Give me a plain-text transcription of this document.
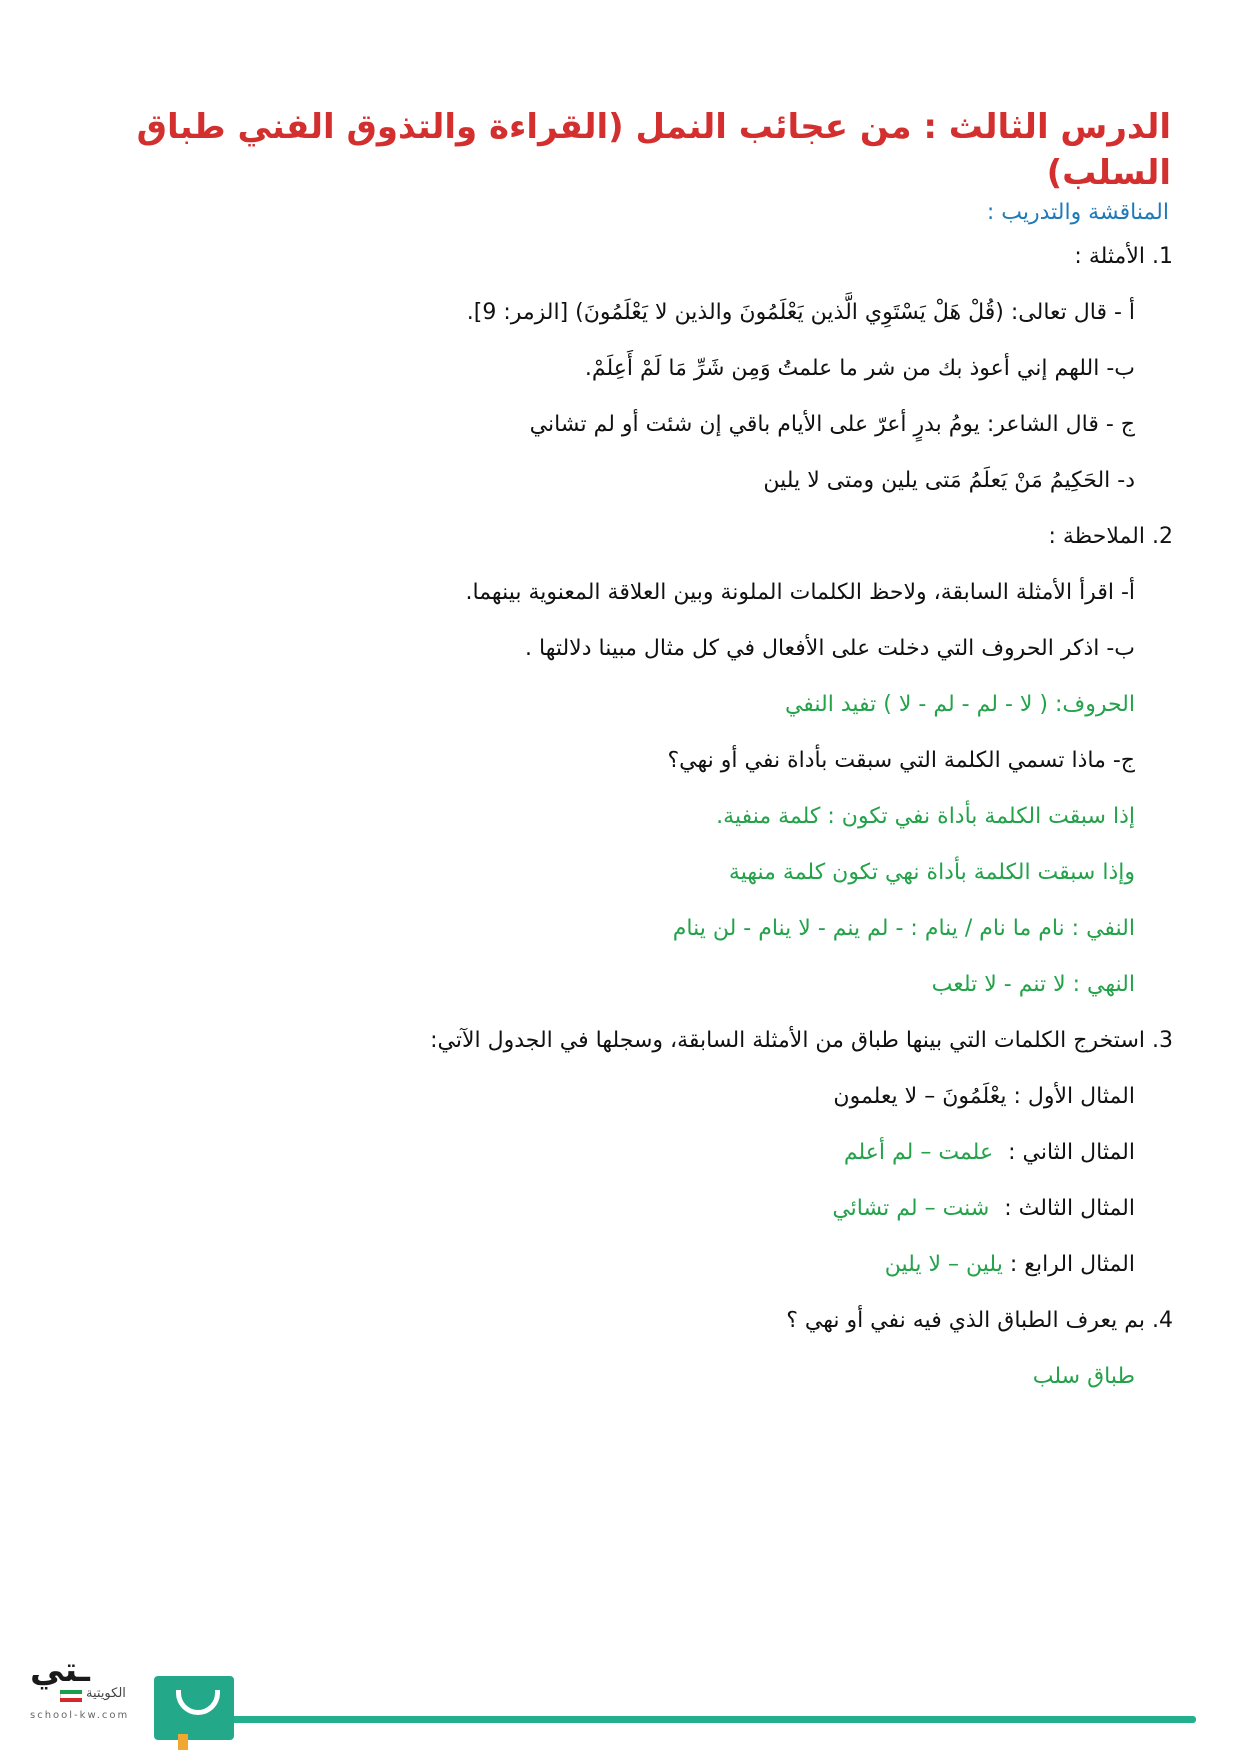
الدرس الثالث : من عجائب النمل (القراءة والتذوق الفني طباق السلب)
المناقشة والتدريب :
1. الأمثلة :
أ - قال تعالى: (قُلْ هَلْ يَسْتَوِي الَّذين يَعْلَمُونَ والذين لا يَعْلَمُونَ) [الزمر: 9].
ب- اللهم إني أعوذ بك من شر ما علمتُ وَمِن شَرِّ مَا لَمْ أَعِلَمْ.
ج - قال الشاعر: يومُ بدرٍ أعرّ على الأيام باقي إن شئت أو لم تشاني
د- الحَكِيمُ مَنْ يَعلَمُ مَتى يلين ومتى لا يلين
2. الملاحظة :
أ- اقرأ الأمثلة السابقة، ولاحظ الكلمات الملونة وبين العلاقة المعنوية بينهما.
ب- اذكر الحروف التي دخلت على الأفعال في كل مثال مبينا دلالتها .
الحروف: ( لا - لم - لم - لا ) تفيد النفي
ج- ماذا تسمي الكلمة التي سبقت بأداة نفي أو نهي؟
إذا سبقت الكلمة بأداة نفي تكون : كلمة منفية.
وإذا سبقت الكلمة بأداة نهي تكون كلمة منهية
النفي : نام ما نام / ينام : - لم ينم - لا ينام - لن ينام
النهي : لا تنم - لا تلعب
3. استخرج الكلمات التي بينها طباق من الأمثلة السابقة، وسجلها في الجدول الآتي:
المثال الأول : يعْلَمُونَ – لا يعلمون
المثال الثاني : علمت – لم أعلم
المثال الثالث : شنت – لم تشائي
المثال الرابع : يلين – لا يلين
4. بم يعرف الطباق الذي فيه نفي أو نهي ؟
طباق سلب
ـتي
الكويتية
school-kw.com
